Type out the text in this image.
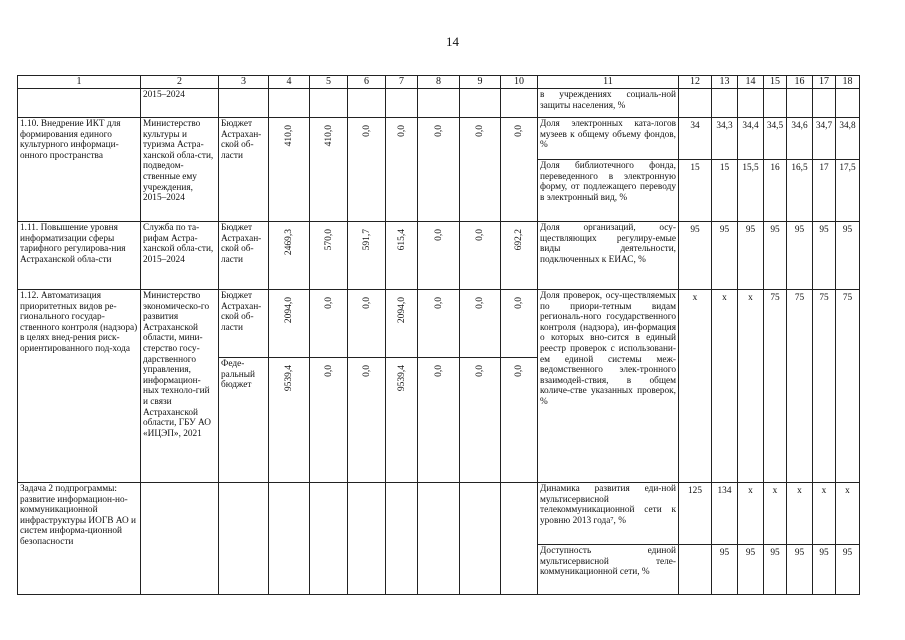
14
1	2	3	4	5	6	7	8	9	10	11	12	13	14	15	16	17	18
	2015–2024									в учреждениях социаль-ной защиты населения, %							
1.10. Внедрение ИКТ для формирования единого культурного информаци-онного пространства	Министерство культуры и туризма Астра-ханской обла-сти, подведом-ственные ему учреждения, 2015–2024	Бюджет Астрахан-ской об-ласти	410,0	410,0	0,0	0,0	0,0	0,0	0,0	Доля электронных ката-логов музеев к общему объему фондов, %	34	34,3	34,4	34,5	34,6	34,7	34,8
										Доля библиотечного фонда, переведенного в электронную форму, от подлежащего переводу в электронный вид, %	15	15	15,5	16	16,5	17	17,5
1.11. Повышение уровня информатизации сферы тарифного регулирова-ния Астраханской обла-сти	Служба по та-рифам Астра-ханской обла-сти, 2015–2024	Бюджет Астрахан-ской об-ласти	2469,3	570,0	591,7	615,4	0,0	0,0	692,2	Доля организаций, осу-ществляющих регулиру-емые виды деятельности, подключенных к ЕИАС, %	95	95	95	95	95	95	95
1.12. Автоматизация приоритетных видов ре-гионального государ-ственного контроля (надзора) в целях внед-рения риск-ориентированного под-хода	Министерство экономическо-го развития Астраханской области, мини-стерство госу-дарственного управления, информацион-ных техноло-гий и связи Астраханской области, ГБУ АО «ИЦЭП», 2021	Бюджет Астрахан-ской об-ласти	2094,0	0,0	0,0	2094,0	0,0	0,0	0,0	Доля проверок, осу-ществляемых по приори-тетным видам региональ-ного государственного контроля (надзора), ин-формация о которых вно-сится в единый реестр проверок с использовани-ем единой системы меж-ведомственного элек-тронного взаимодей-ствия, в общем количе-стве указанных проверок, %	x	x	x	75	75	75	75
		Феде-ральный бюджет	9539,4	0,0	0,0	9539,4	0,0	0,0	0,0								

Задача 2 подпрограммы: развитие информацион-но-коммуникационной инфраструктуры ИОГВ АО и систем информа-ционной безопасности										Динамика развития еди-ной мультисервисной телекоммуникационной сети к уровню 2013 года⁷, %	125	134	x	x	x	x	x
										Доступность единой мультисервисной теле-коммуникационной сети, %		95	95	95	95	95	95
